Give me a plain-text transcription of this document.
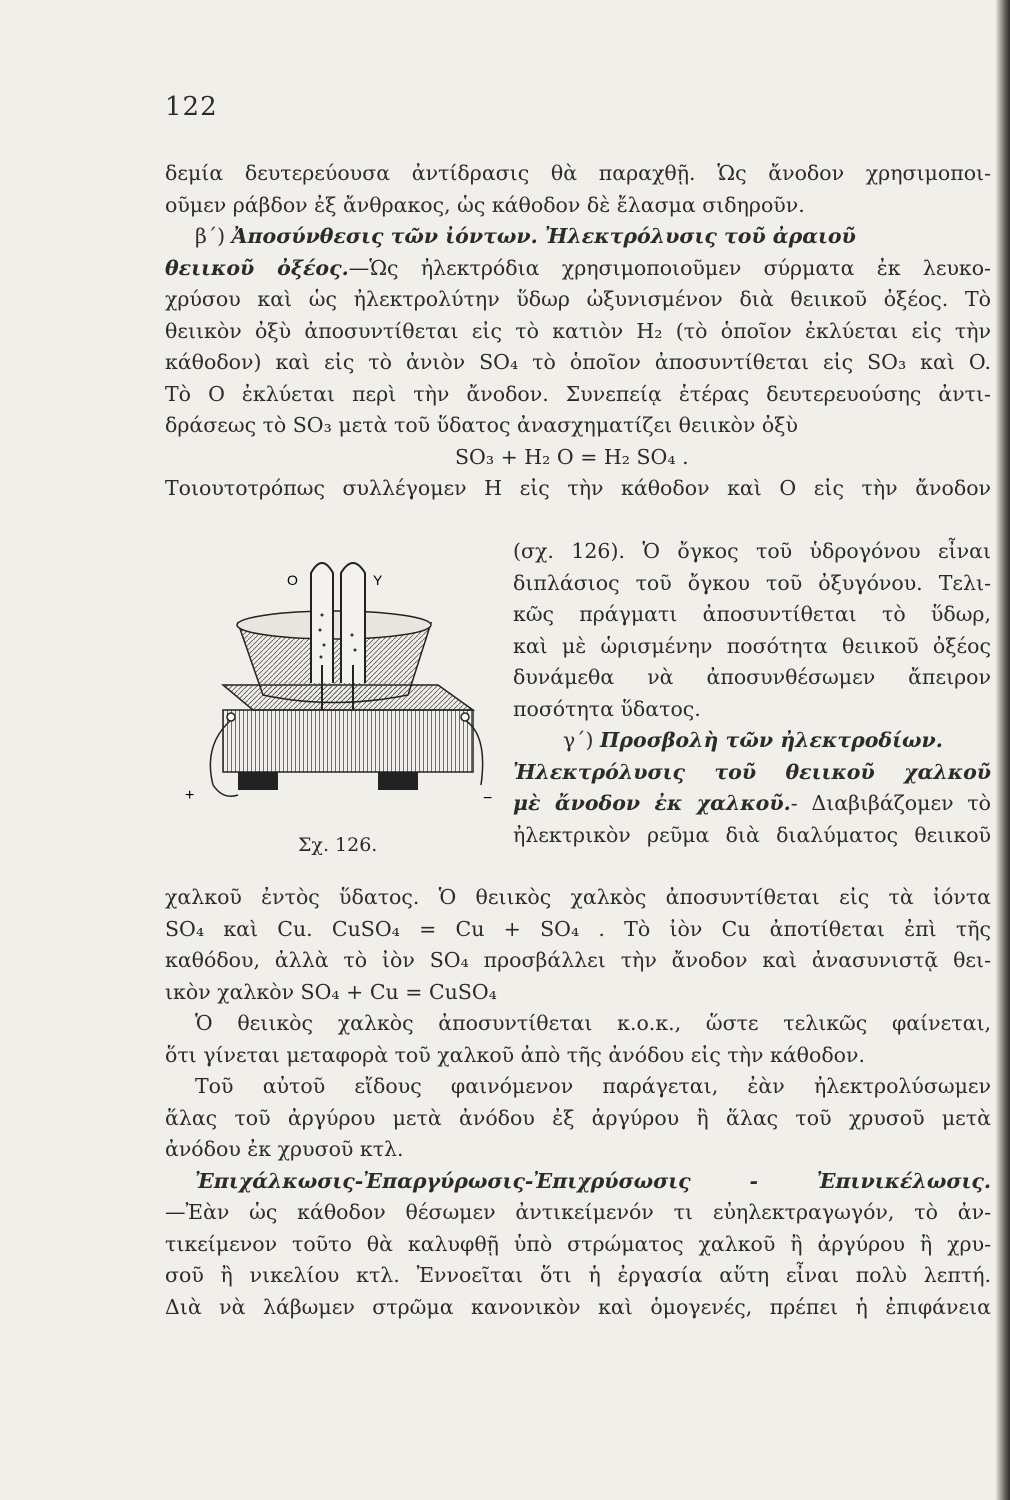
122
δεμία δευτερεύουσα ἀντίδρασις θὰ παραχθῇ. Ὡς ἄνοδον χρησιμοποι-
οῦμεν ράβδον ἐξ ἄνθρακος, ὡς κάθοδον δὲ ἔλασμα σιδηροῦν.
β΄) Ἀποσύνθεσις τῶν ἰόντων. Ἠλεκτρόλυσις τοῦ ἀραιοῦ
θειικοῦ ὀξέος.—Ὡς ἠλεκτρόδια χρησιμοποιοῦμεν σύρματα ἐκ λευκο-
χρύσου καὶ ὡς ἠλεκτρολύτην ὕδωρ ὠξυνισμένον διὰ θειικοῦ ὀξέος. Τὸ
θειικὸν ὀξὺ ἀποσυντίθεται εἰς τὸ κατιὸν H₂ (τὸ ὁποῖον ἐκλύεται εἰς τὴν
κάθοδον) καὶ εἰς τὸ ἀνιὸν SO₄ τὸ ὁποῖον ἀποσυντίθεται εἰς SO₃ καὶ O.
Τὸ O ἐκλύεται περὶ τὴν ἄνοδον. Συνεπείᾳ ἑτέρας δευτερευούσης ἀντι-
δράσεως τὸ SO₃ μετὰ τοῦ ὕδατος ἀνασχηματίζει θειικὸν ὀξὺ
SO₃ + H₂ O = H₂ SO₄ .
Τοιουτοτρόπως συλλέγομεν H εἰς τὴν κάθοδον καὶ O εἰς τὴν ἄνοδον
(σχ. 126). Ὁ ὄγκος τοῦ ὑδρογόνου εἶναι
διπλάσιος τοῦ ὄγκου τοῦ ὀξυγόνου. Τελι-
κῶς πράγματι ἀποσυντίθεται τὸ ὕδωρ,
καὶ μὲ ὡρισμένην ποσότητα θειικοῦ ὀξέος
δυνάμεθα νὰ ἀποσυνθέσωμεν ἄπειρον
ποσότητα ὕδατος.
γ΄) Προσβολὴ τῶν ἠλεκτροδίων.
Ἠλεκτρόλυσις τοῦ θειικοῦ χαλκοῦ
μὲ ἄνοδον ἐκ χαλκοῦ.- Διαβιβάζομεν τὸ
ἠλεκτρικὸν ρεῦμα διὰ διαλύματος θειικοῦ
O	Y
+	−
Σχ. 126.
χαλκοῦ ἐντὸς ὕδατος. Ὁ θειικὸς χαλκὸς ἀποσυντίθεται εἰς τὰ ἰόντα
SO₄ καὶ Cu. CuSO₄ = Cu + SO₄ . Τὸ ἰὸν Cu ἀποτίθεται ἐπὶ τῆς
καθόδου, ἀλλὰ τὸ ἰὸν SO₄ προσβάλλει τὴν ἄνοδον καὶ ἀνασυνιστᾷ θει-
ικὸν χαλκὸν SO₄ + Cu = CuSO₄
Ὁ θειικὸς χαλκὸς ἀποσυντίθεται κ.ο.κ., ὥστε τελικῶς φαίνεται,
ὅτι γίνεται μεταφορὰ τοῦ χαλκοῦ ἀπὸ τῆς ἀνόδου εἰς τὴν κάθοδον.
Τοῦ αὐτοῦ εἴδους φαινόμενον παράγεται, ἐὰν ἠλεκτρολύσωμεν
ἅλας τοῦ ἀργύρου μετὰ ἀνόδου ἐξ ἀργύρου ἢ ἅλας τοῦ χρυσοῦ μετὰ
ἀνόδου ἐκ χρυσοῦ κτλ.
Ἐπιχάλκωσις-Ἐπαργύρωσις-Ἐπιχρύσωσις - Ἐπινικέλωσις.
—Ἐὰν ὡς κάθοδον θέσωμεν ἀντικείμενόν τι εὐηλεκτραγωγόν, τὸ ἀν-
τικείμενον τοῦτο θὰ καλυφθῇ ὑπὸ στρώματος χαλκοῦ ἢ ἀργύρου ἢ χρυ-
σοῦ ἢ νικελίου κτλ. Ἐννοεῖται ὅτι ἡ ἐργασία αὕτη εἶναι πολὺ λεπτή.
Διὰ νὰ λάβωμεν στρῶμα κανονικὸν καὶ ὁμογενές, πρέπει ἡ ἐπιφάνεια
